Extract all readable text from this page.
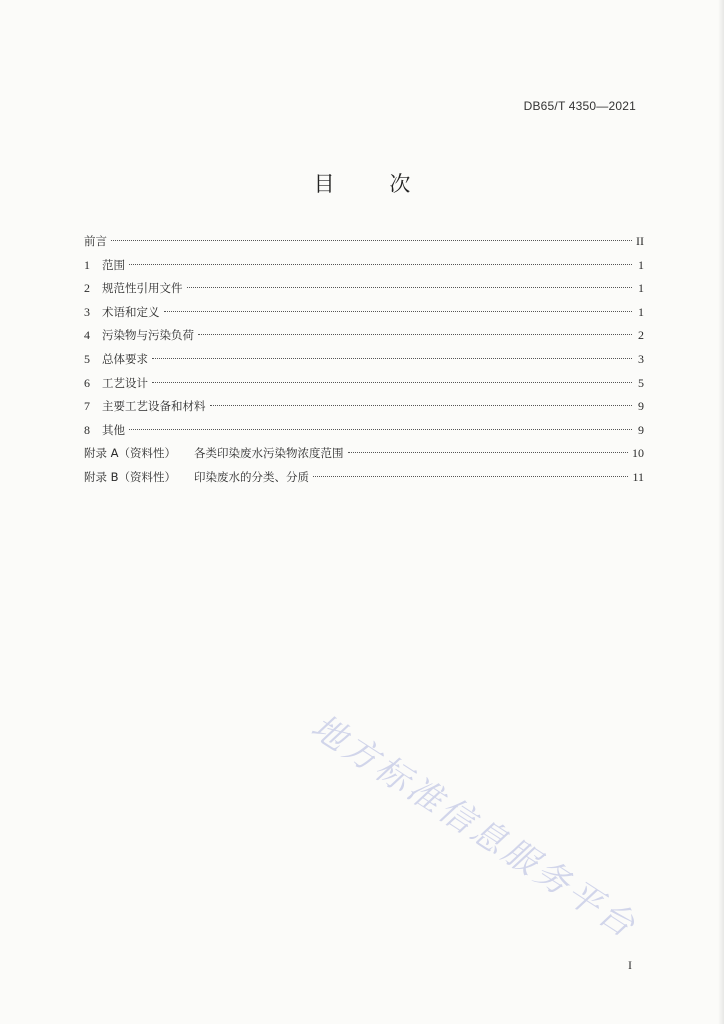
DB65/T 4350—2021
目 次
前言	II
1	范围	1
2	规范性引用文件	1
3	术语和定义	1
4	污染物与污染负荷	2
5	总体要求	3
6	工艺设计	5
7	主要工艺设备和材料	9
8	其他	9
附录 A（资料性）	各类印染废水污染物浓度范围	10
附录 B（资料性）	印染废水的分类、分质	11
地方标准信息服务平台
I
